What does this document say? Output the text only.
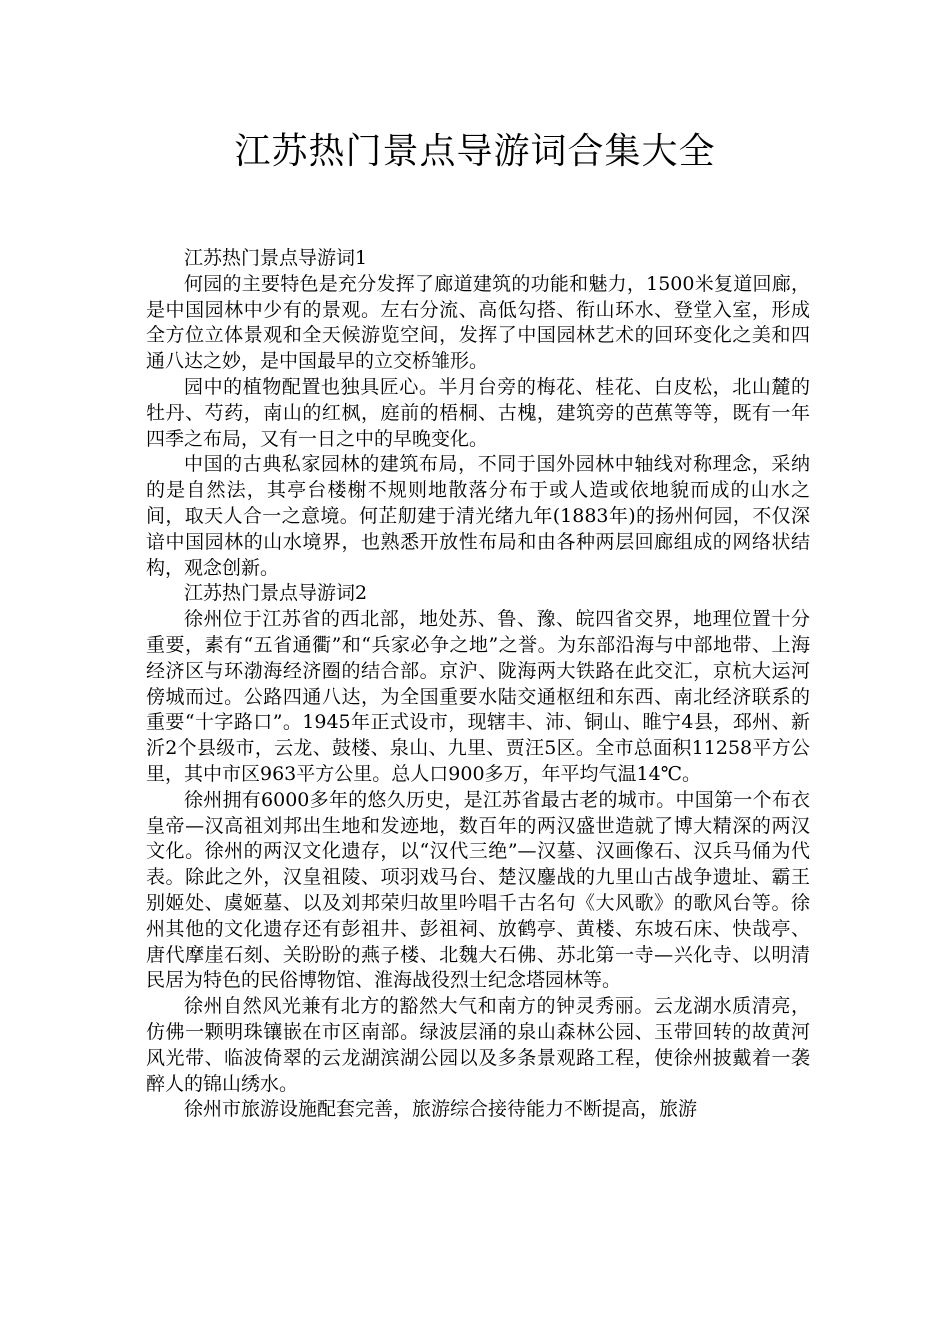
江苏热门景点导游词合集大全

江苏热门景点导游词1

何园的主要特色是充分发挥了廊道建筑的功能和魅力，1500米复道回廊，是中国园林中少有的景观。左右分流、高低勾搭、衔山环水、登堂入室，形成全方位立体景观和全天候游览空间，发挥了中国园林艺术的回环变化之美和四通八达之妙，是中国最早的立交桥雏形。

园中的植物配置也独具匠心。半月台旁的梅花、桂花、白皮松，北山麓的牡丹、芍药，南山的红枫，庭前的梧桐、古槐，建筑旁的芭蕉等等，既有一年四季之布局，又有一日之中的早晚变化。

中国的古典私家园林的建筑布局，不同于国外园林中轴线对称理念，采纳的是自然法，其亭台楼榭不规则地散落分布于或人造或依地貌而成的山水之间，取天人合一之意境。何芷舠建于清光绪九年(1883年)的扬州何园，不仅深谙中国园林的山水境界，也熟悉开放性布局和由各种两层回廊组成的网络状结构，观念创新。

江苏热门景点导游词2

徐州位于江苏省的西北部，地处苏、鲁、豫、皖四省交界，地理位置十分重要，素有“五省通衢”和“兵家必争之地”之誉。为东部沿海与中部地带、上海经济区与环渤海经济圈的结合部。京沪、陇海两大铁路在此交汇，京杭大运河傍城而过。公路四通八达，为全国重要水陆交通枢纽和东西、南北经济联系的重要“十字路口”。1945年正式设市，现辖丰、沛、铜山、睢宁4县，邳州、新沂2个县级市，云龙、鼓楼、泉山、九里、贾汪5区。全市总面积11258平方公里，其中市区963平方公里。总人口900多万，年平均气温14℃。

徐州拥有6000多年的悠久历史，是江苏省最古老的城市。中国第一个布衣皇帝—汉高祖刘邦出生地和发迹地，数百年的两汉盛世造就了博大精深的两汉文化。徐州的两汉文化遗存，以“汉代三绝”—汉墓、汉画像石、汉兵马俑为代表。除此之外，汉皇祖陵、项羽戏马台、楚汉鏖战的九里山古战争遗址、霸王别姬处、虞姬墓、以及刘邦荣归故里吟唱千古名句《大风歌》的歌风台等。徐州其他的文化遗存还有彭祖井、彭祖祠、放鹤亭、黄楼、东坡石床、快哉亭、唐代摩崖石刻、关盼盼的燕子楼、北魏大石佛、苏北第一寺—兴化寺、以明清民居为特色的民俗博物馆、淮海战役烈士纪念塔园林等。

徐州自然风光兼有北方的豁然大气和南方的钟灵秀丽。云龙湖水质清亮，仿佛一颗明珠镶嵌在市区南部。绿波层涌的泉山森林公园、玉带回转的故黄河风光带、临波倚翠的云龙湖滨湖公园以及多条景观路工程，使徐州披戴着一袭醉人的锦山绣水。

徐州市旅游设施配套完善，旅游综合接待能力不断提高，旅游
